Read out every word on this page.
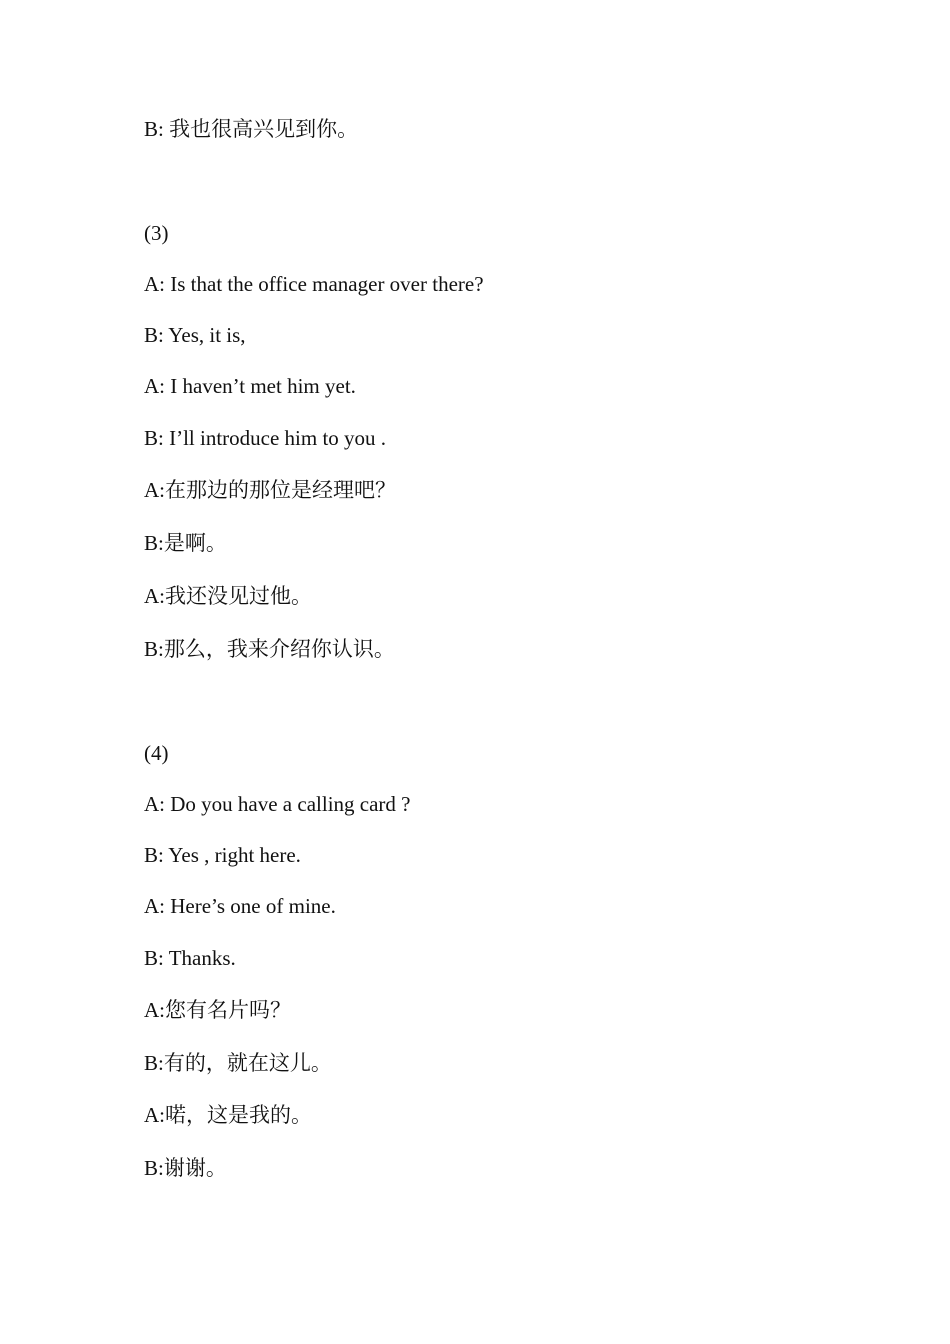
B: 我也很高兴见到你。
(3)
A: Is that the office manager over there?
B: Yes, it is,
A: I haven’t met him yet.
B: I’ll introduce him to you .
A:在那边的那位是经理吧？
B:是啊。
A:我还没见过他。
B:那么，我来介绍你认识。
(4)
A: Do you have a calling card ?
B: Yes , right here.
A: Here’s one of mine.
B: Thanks.
A:您有名片吗？
B:有的，就在这儿。
A:喏，这是我的。
B:谢谢。
